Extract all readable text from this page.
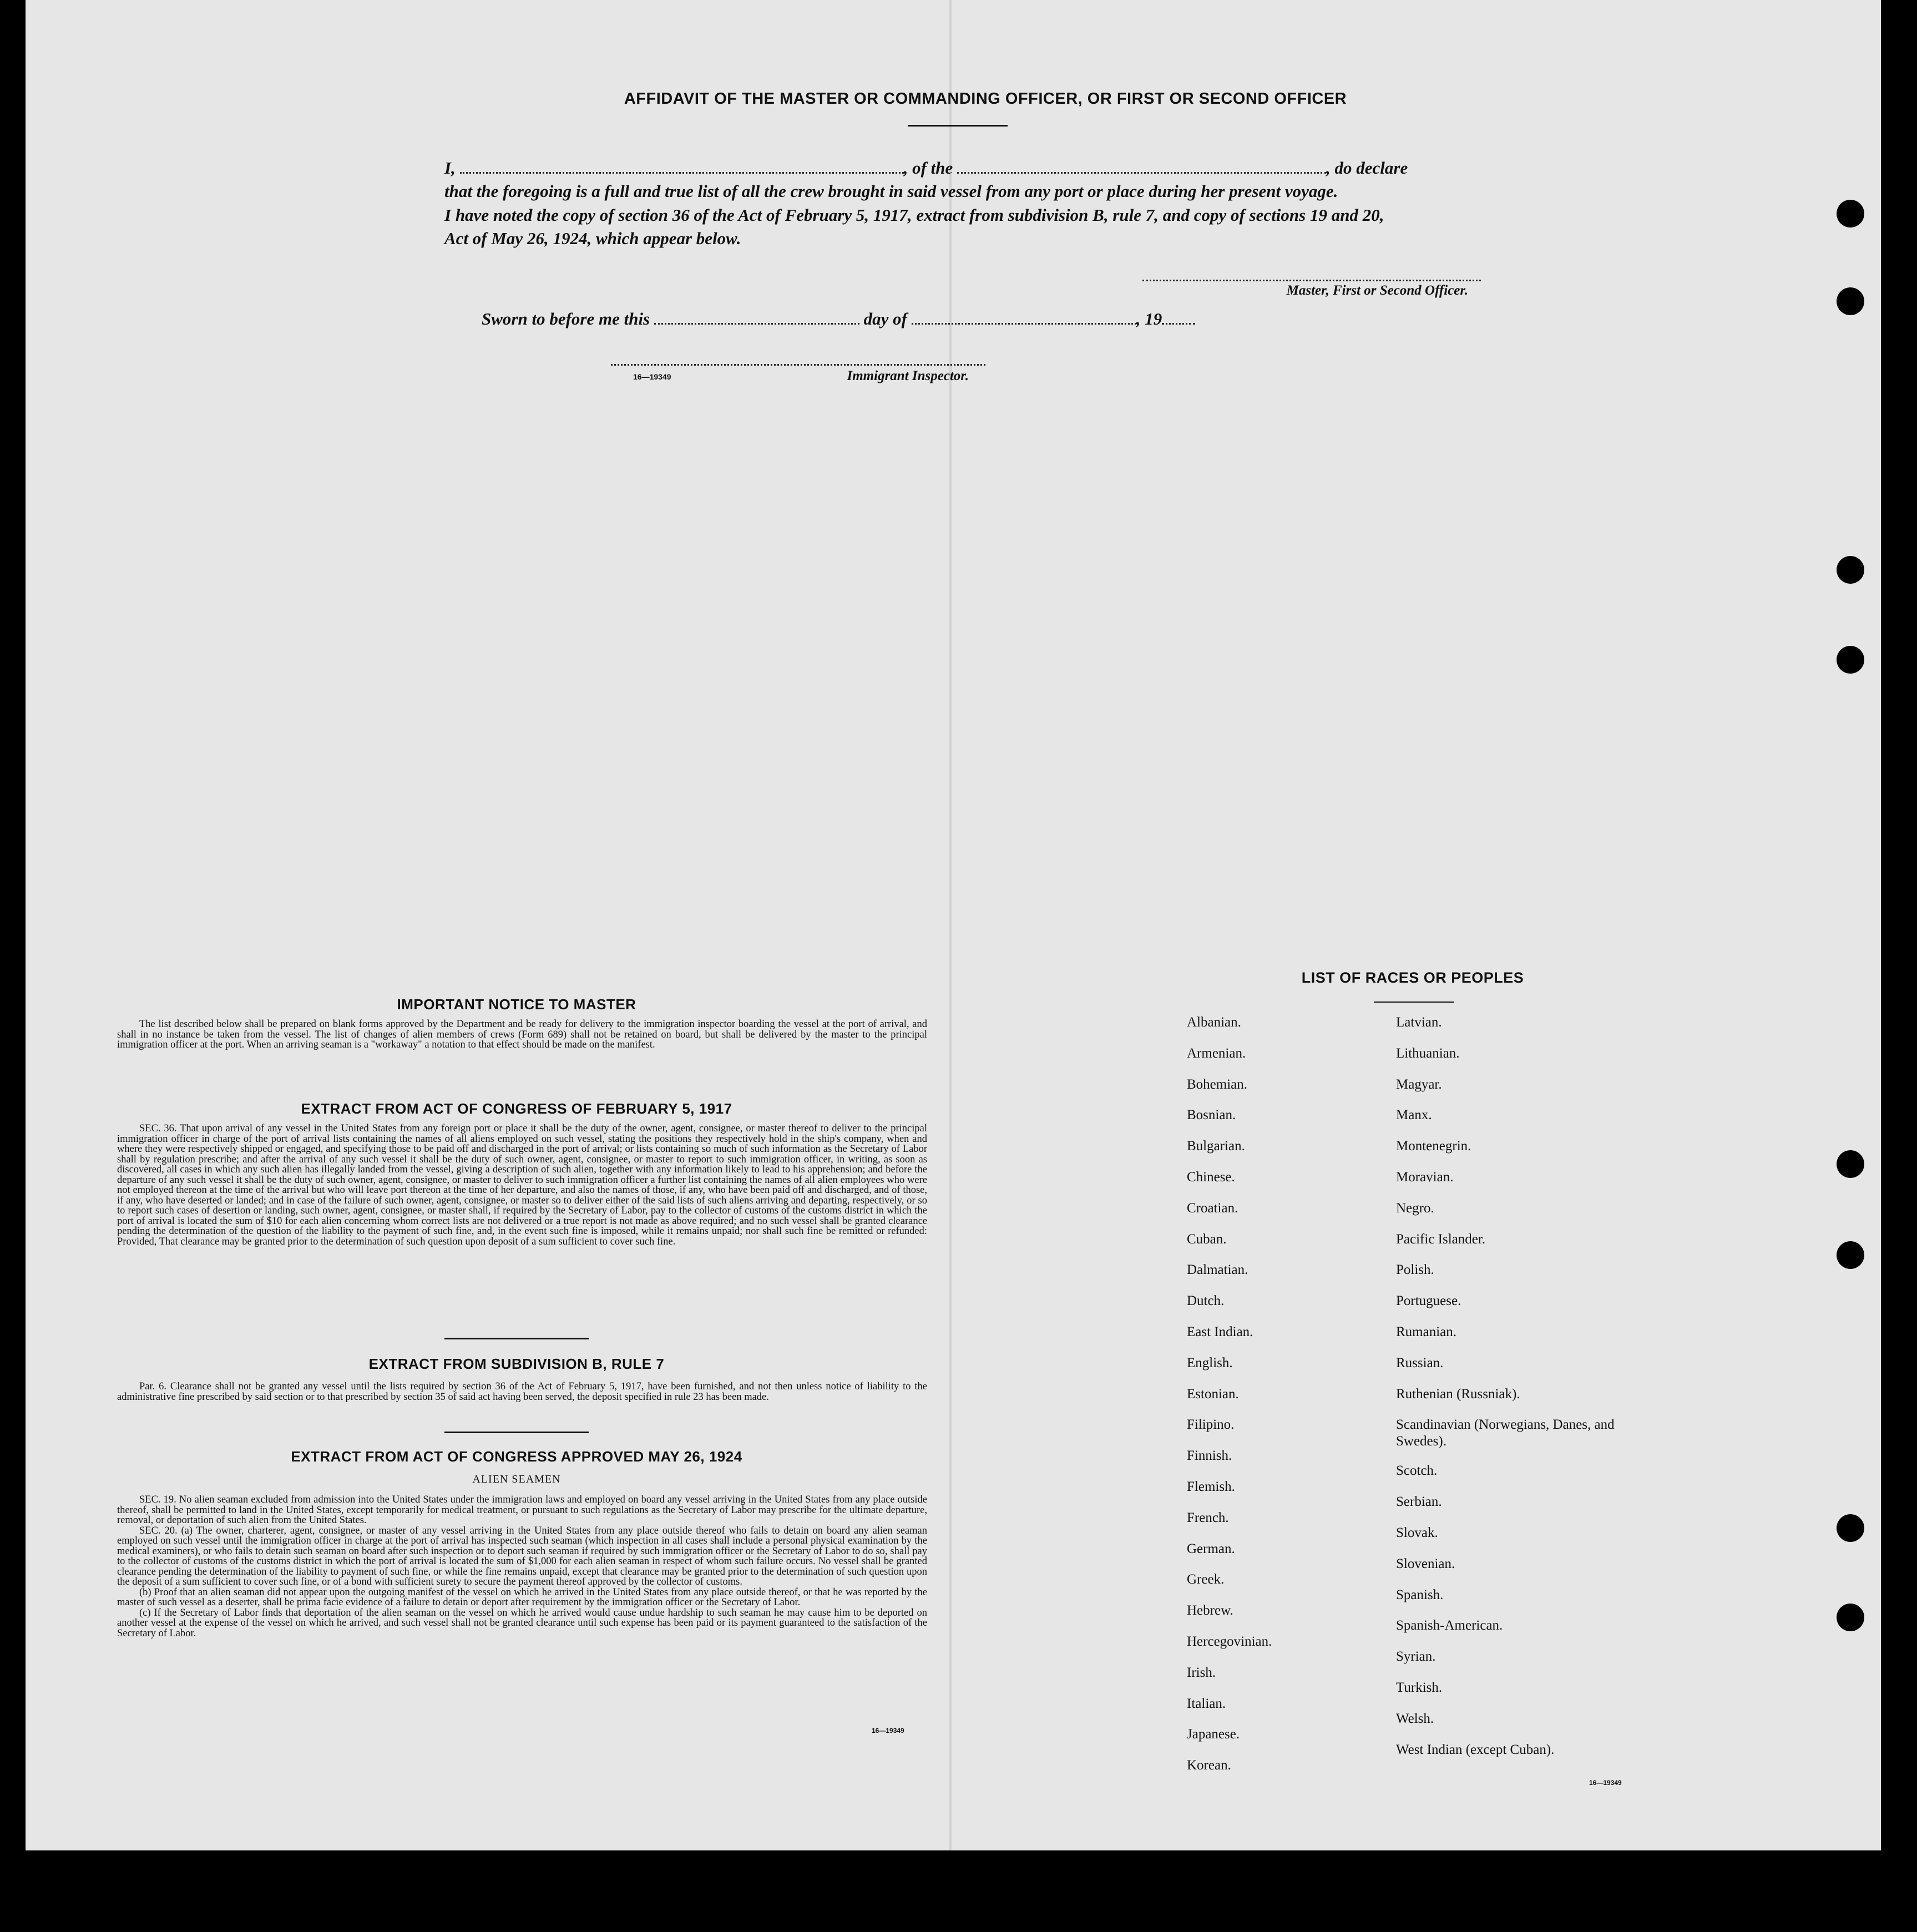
AFFIDAVIT OF THE MASTER OR COMMANDING OFFICER, OR FIRST OR SECOND OFFICER
I,	, of the	, do declare
that the foregoing is a full and true list of all the crew brought in said vessel from any port or place during her present voyage.
I have noted the copy of section 36 of the Act of February 5, 1917, extract from subdivision B, rule 7, and copy of sections 19 and 20,
Act of May 26, 1924, which appear below.
Master, First or Second Officer.
Sworn to before me this	day of	, 19
16—19349	Immigrant Inspector.
IMPORTANT NOTICE TO MASTER
The list described below shall be prepared on blank forms approved by the Department and be ready for delivery to the immigration inspector boarding the vessel at the port of arrival, and shall in no instance be taken from the vessel. The list of changes of alien members of crews (Form 689) shall not be retained on board, but shall be delivered by the master to the principal immigration officer at the port. When an arriving seaman is a "workaway" a notation to that effect should be made on the manifest.
EXTRACT FROM ACT OF CONGRESS OF FEBRUARY 5, 1917
SEC. 36. That upon arrival of any vessel in the United States from any foreign port or place it shall be the duty of the owner, agent, consignee, or master thereof to deliver to the principal immigration officer in charge of the port of arrival lists containing the names of all aliens employed on such vessel, stating the positions they respectively hold in the ship's company, when and where they were respectively shipped or engaged, and specifying those to be paid off and discharged in the port of arrival; or lists containing so much of such information as the Secretary of Labor shall by regulation prescribe; and after the arrival of any such vessel it shall be the duty of such owner, agent, consignee, or master to report to such immigration officer, in writing, as soon as discovered, all cases in which any such alien has illegally landed from the vessel, giving a description of such alien, together with any information likely to lead to his apprehension; and before the departure of any such vessel it shall be the duty of such owner, agent, consignee, or master to deliver to such immigration officer a further list containing the names of all alien employees who were not employed thereon at the time of the arrival but who will leave port thereon at the time of her departure, and also the names of those, if any, who have been paid off and discharged, and of those, if any, who have deserted or landed; and in case of the failure of such owner, agent, consignee, or master so to deliver either of the said lists of such aliens arriving and departing, respectively, or so to report such cases of desertion or landing, such owner, agent, consignee, or master shall, if required by the Secretary of Labor, pay to the collector of customs of the customs district in which the port of arrival is located the sum of $10 for each alien concerning whom correct lists are not delivered or a true report is not made as above required; and no such vessel shall be granted clearance pending the determination of the question of the liability to the payment of such fine, and, in the event such fine is imposed, while it remains unpaid; nor shall such fine be remitted or refunded: Provided, That clearance may be granted prior to the determination of such question upon deposit of a sum sufficient to cover such fine.
EXTRACT FROM SUBDIVISION B, RULE 7
Par. 6. Clearance shall not be granted any vessel until the lists required by section 36 of the Act of February 5, 1917, have been furnished, and not then unless notice of liability to the administrative fine prescribed by said section or to that prescribed by section 35 of said act having been served, the deposit specified in rule 23 has been made.
EXTRACT FROM ACT OF CONGRESS APPROVED MAY 26, 1924
ALIEN SEAMEN
SEC. 19. No alien seaman excluded from admission into the United States under the immigration laws and employed on board any vessel arriving in the United States from any place outside thereof, shall be permitted to land in the United States, except temporarily for medical treatment, or pursuant to such regulations as the Secretary of Labor may prescribe for the ultimate departure, removal, or deportation of such alien from the United States.
SEC. 20. (a) The owner, charterer, agent, consignee, or master of any vessel arriving in the United States from any place outside thereof who fails to detain on board any alien seaman employed on such vessel until the immigration officer in charge at the port of arrival has inspected such seaman (which inspection in all cases shall include a personal physical examination by the medical examiners), or who fails to detain such seaman on board after such inspection or to deport such seaman if required by such immigration officer or the Secretary of Labor to do so, shall pay to the collector of customs of the customs district in which the port of arrival is located the sum of $1,000 for each alien seaman in respect of whom such failure occurs. No vessel shall be granted clearance pending the determination of the liability to payment of such fine, or while the fine remains unpaid, except that clearance may be granted prior to the determination of such question upon the deposit of a sum sufficient to cover such fine, or of a bond with sufficient surety to secure the payment thereof approved by the collector of customs.
(b) Proof that an alien seaman did not appear upon the outgoing manifest of the vessel on which he arrived in the United States from any place outside thereof, or that he was reported by the master of such vessel as a deserter, shall be prima facie evidence of a failure to detain or deport after requirement by the immigration officer or the Secretary of Labor.
(c) If the Secretary of Labor finds that deportation of the alien seaman on the vessel on which he arrived would cause undue hardship to such seaman he may cause him to be deported on another vessel at the expense of the vessel on which he arrived, and such vessel shall not be granted clearance until such expense has been paid or its payment guaranteed to the satisfaction of the Secretary of Labor.
16—19349
LIST OF RACES OR PEOPLES
Albanian.
Armenian.
Bohemian.
Bosnian.
Bulgarian.
Chinese.
Croatian.
Cuban.
Dalmatian.
Dutch.
East Indian.
English.
Estonian.
Filipino.
Finnish.
Flemish.
French.
German.
Greek.
Hebrew.
Hercegovinian.
Irish.
Italian.
Japanese.
Korean.
Latvian.
Lithuanian.
Magyar.
Manx.
Montenegrin.
Moravian.
Negro.
Pacific Islander.
Polish.
Portuguese.
Rumanian.
Russian.
Ruthenian (Russniak).
Scandinavian (Norwegians, Danes, and Swedes).
Scotch.
Serbian.
Slovak.
Slovenian.
Spanish.
Spanish-American.
Syrian.
Turkish.
Welsh.
West Indian (except Cuban).
16—19349
